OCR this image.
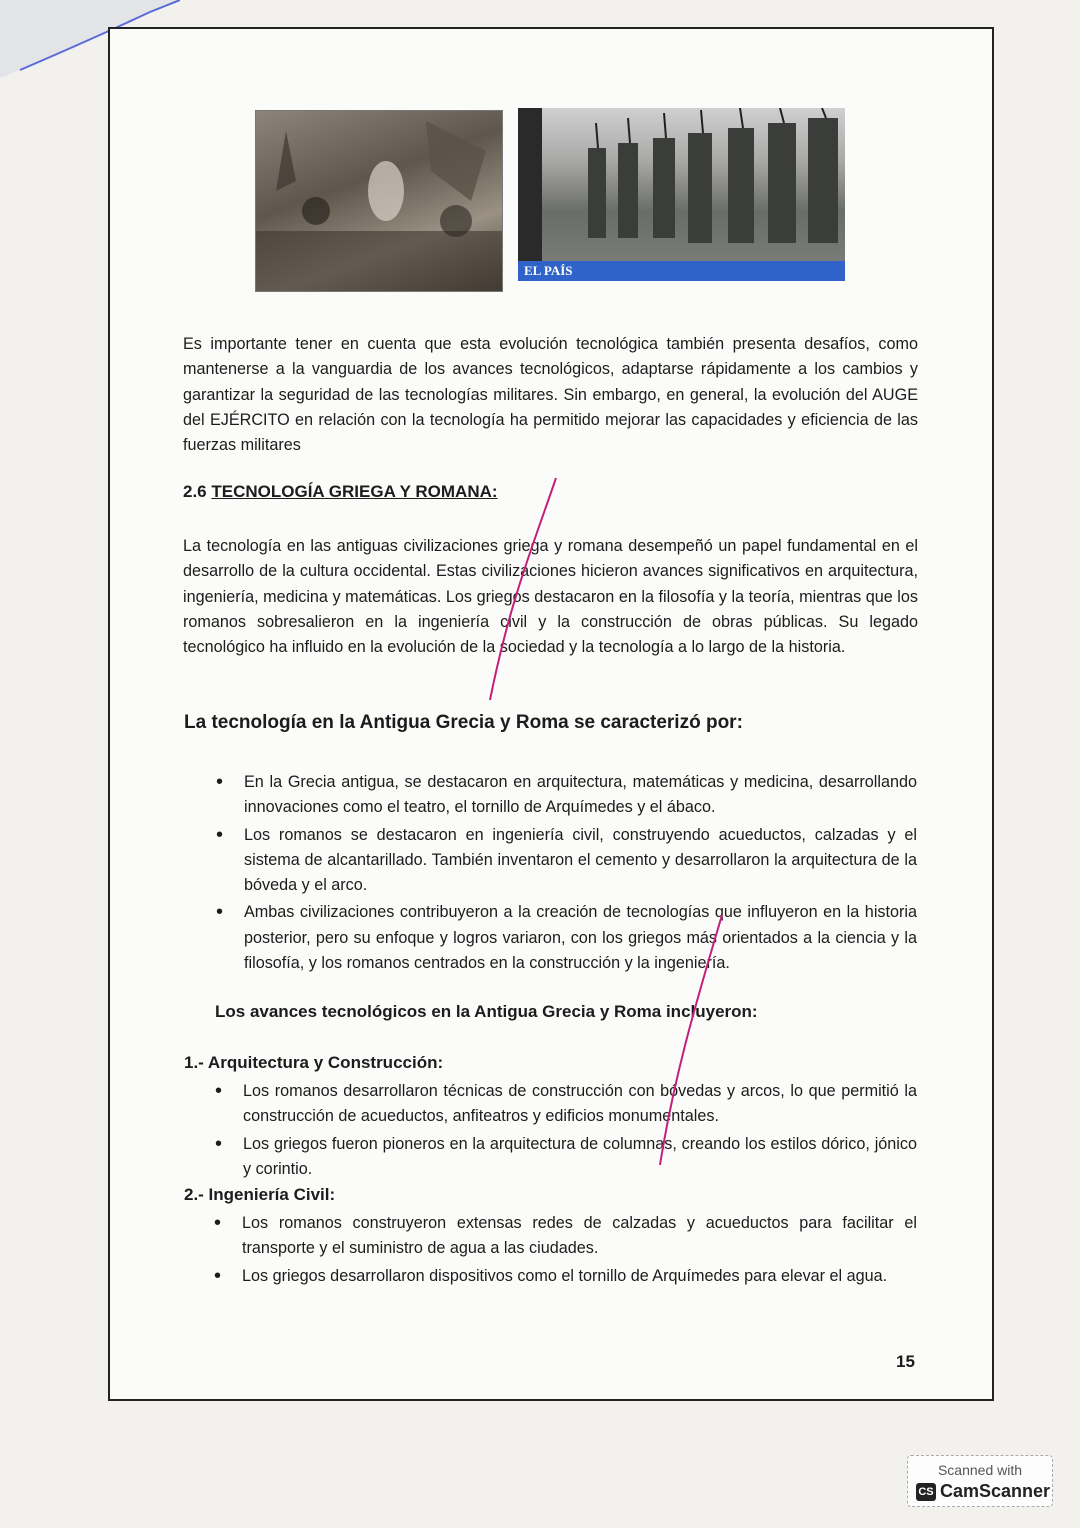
EL PAÍS

Es importante tener en cuenta que esta evolución tecnológica también presenta desafíos, como mantenerse a la vanguardia de los avances tecnológicos, adaptarse rápidamente a los cambios y garantizar la seguridad de las tecnologías militares. Sin embargo, en general, la evolución del AUGE del EJÉRCITO en relación con la tecnología ha permitido mejorar las capacidades y eficiencia de las fuerzas militares

2.6 TECNOLOGÍA GRIEGA Y ROMANA:

La tecnología en las antiguas civilizaciones griega y romana desempeñó un papel fundamental en el desarrollo de la cultura occidental. Estas civilizaciones hicieron avances significativos en arquitectura, ingeniería, medicina y matemáticas. Los griegos destacaron en la filosofía y la teoría, mientras que los romanos sobresalieron en la ingeniería civil y la construcción de obras públicas. Su legado tecnológico ha influido en la evolución de la sociedad y la tecnología a lo largo de la historia.

La tecnología en la Antigua Grecia y Roma se caracterizó por:
• En la Grecia antigua, se destacaron en arquitectura, matemáticas y medicina, desarrollando innovaciones como el teatro, el tornillo de Arquímedes y el ábaco.
• Los romanos se destacaron en ingeniería civil, construyendo acueductos, calzadas y el sistema de alcantarillado. También inventaron el cemento y desarrollaron la arquitectura de la bóveda y el arco.
• Ambas civilizaciones contribuyeron a la creación de tecnologías que influyeron en la historia posterior, pero su enfoque y logros variaron, con los griegos más orientados a la ciencia y la filosofía, y los romanos centrados en la construcción y la ingeniería.
Los avances tecnológicos en la Antigua Grecia y Roma incluyeron:
1.- Arquitectura y Construcción:
• Los romanos desarrollaron técnicas de construcción con bóvedas y arcos, lo que permitió la construcción de acueductos, anfiteatros y edificios monumentales.
• Los griegos fueron pioneros en la arquitectura de columnas, creando los estilos dórico, jónico y corintio.
2.- Ingeniería Civil:
• Los romanos construyeron extensas redes de calzadas y acueductos para facilitar el transporte y el suministro de agua a las ciudades.
• Los griegos desarrollaron dispositivos como el tornillo de Arquímedes para elevar el agua.
15
Scanned with
CS CamScanner
